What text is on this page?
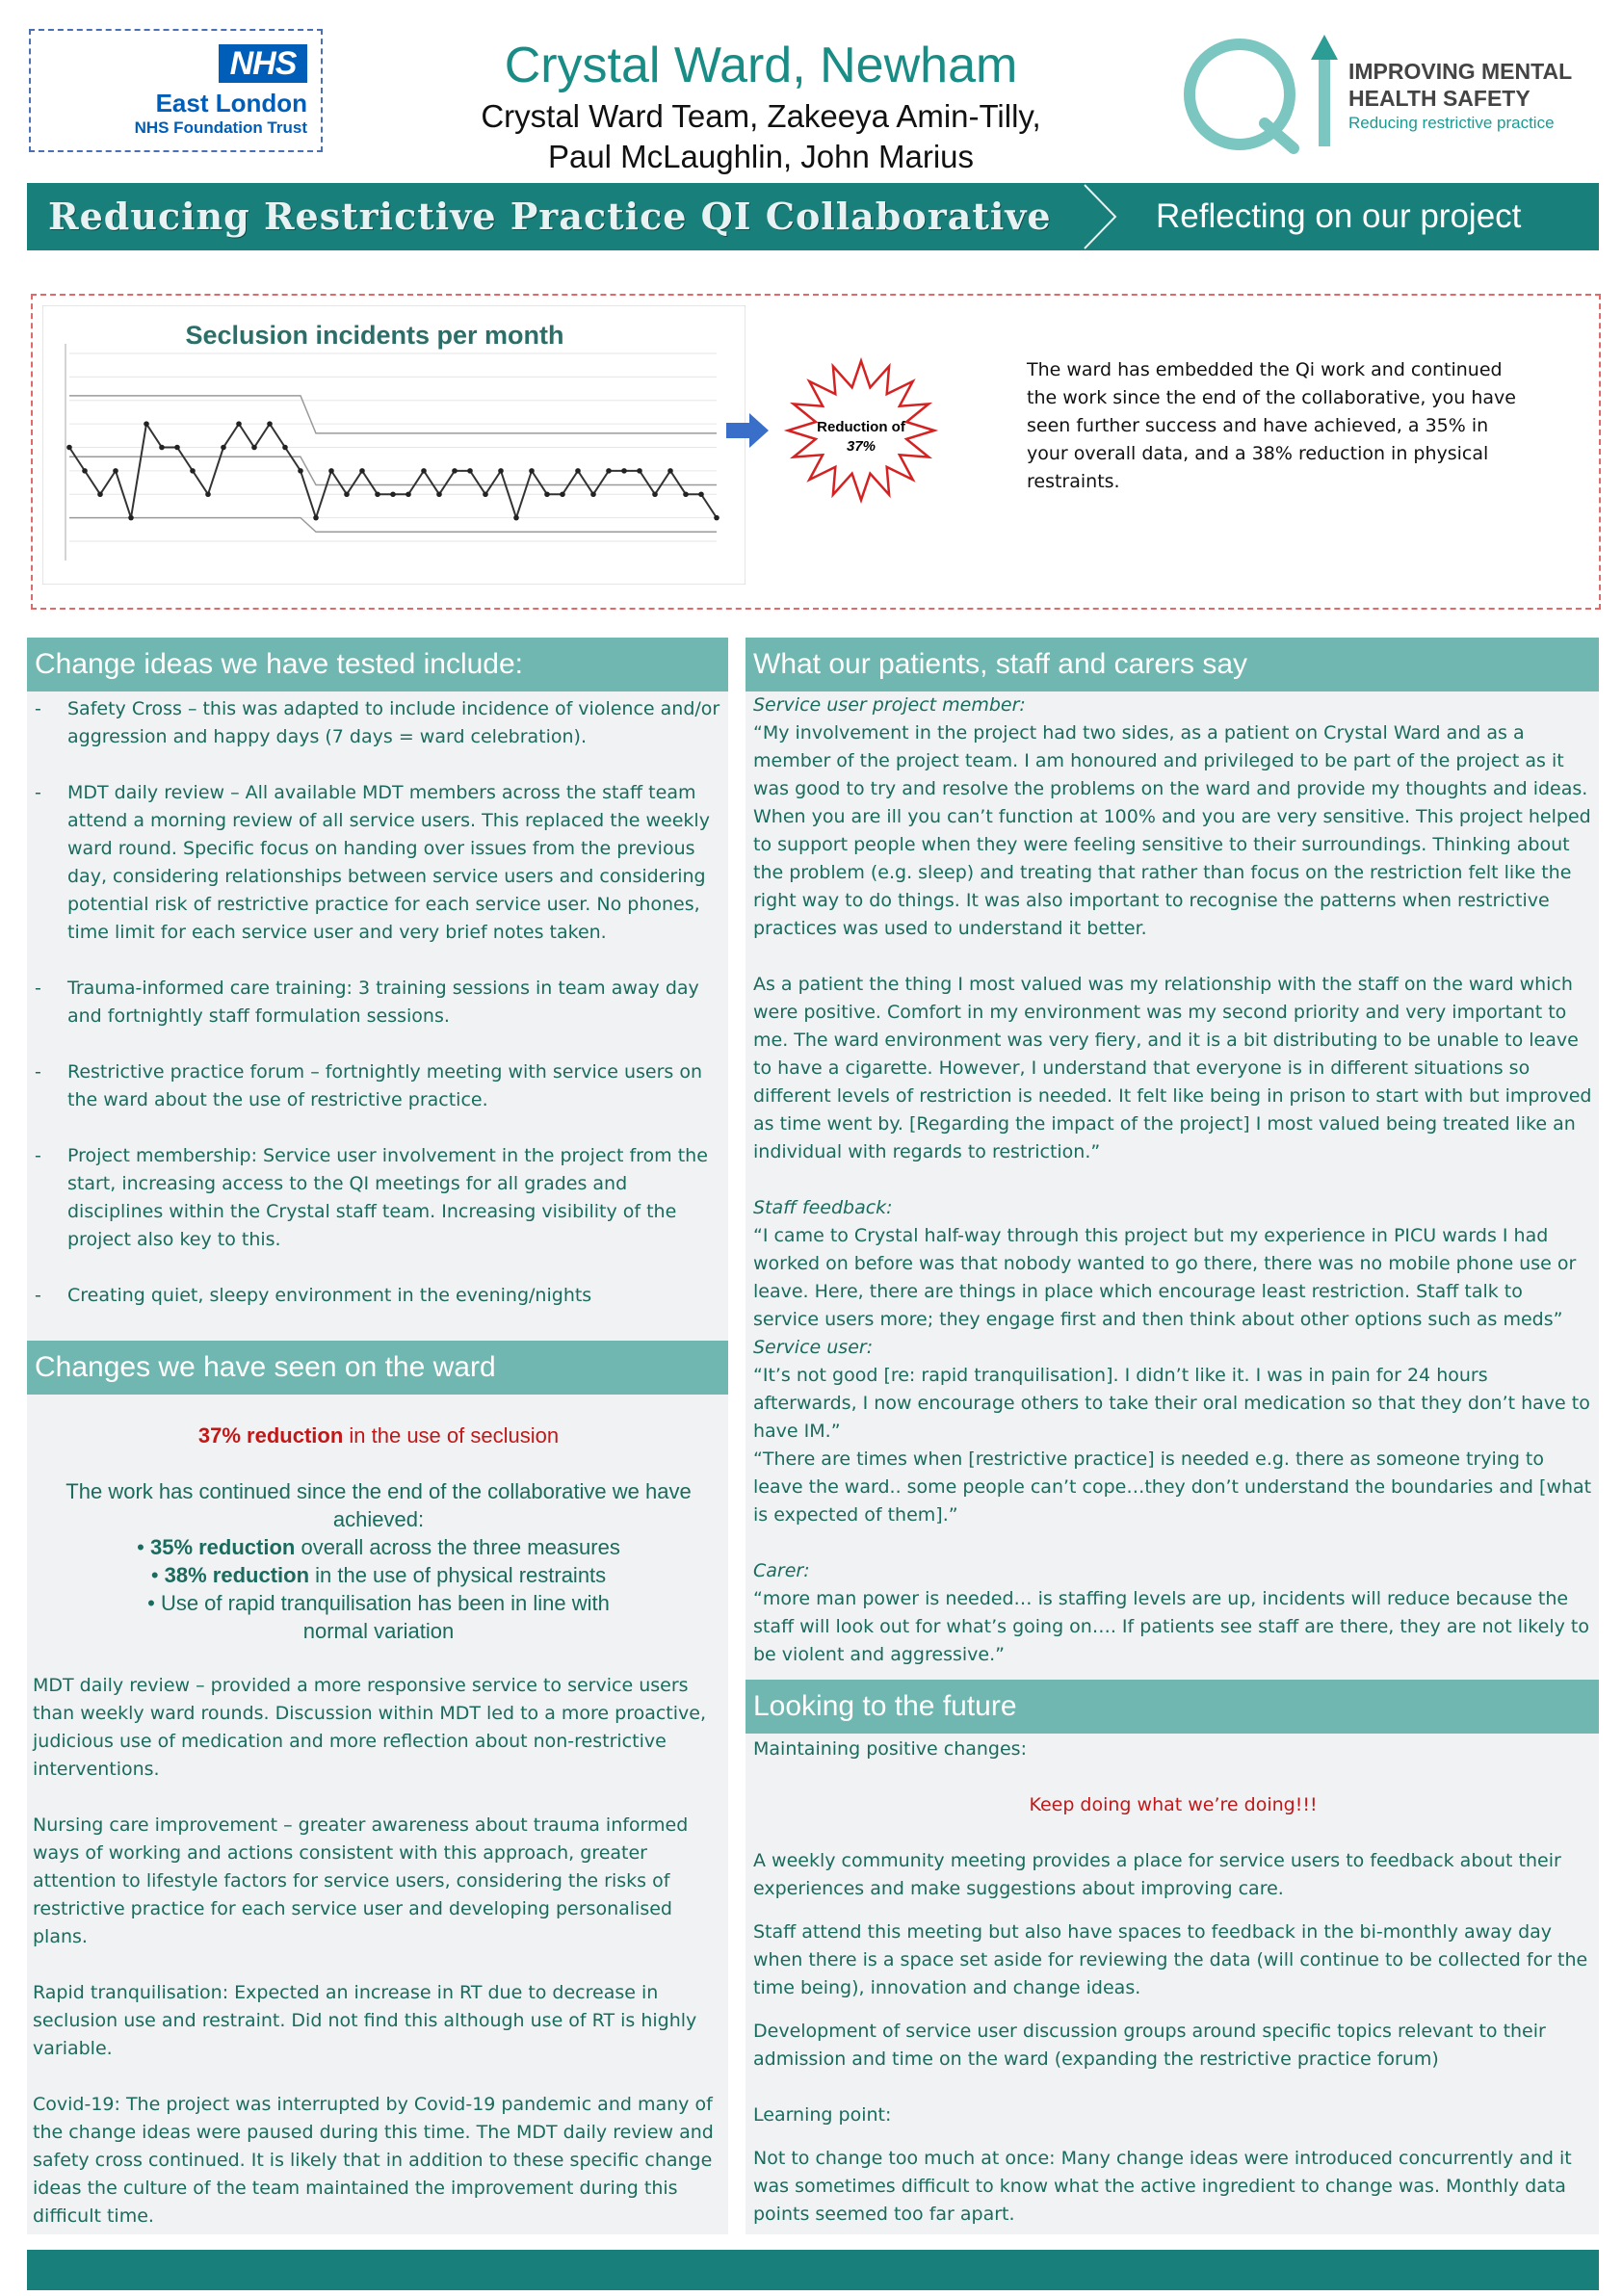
NHS
East London
NHS Foundation Trust
Crystal Ward, Newham
Crystal Ward Team, Zakeeya Amin-Tilly,
Paul McLaughlin, John Marius
IMPROVING MENTAL
HEALTH SAFETY
Reducing restrictive practice
Reducing Restrictive Practice QI Collaborative	Reflecting on our project
Seclusion incidents per month
Reduction of
37%
The ward has embedded the Qi work and continued the work since the end of the collaborative, you have seen further success and have achieved, a 35% in your overall data, and a 38% reduction in physical restraints.
Change ideas we have tested include:
- Safety Cross – this was adapted to include incidence of violence and/or aggression and happy days (7 days = ward celebration).
- MDT daily review – All available MDT members across the staff team attend a morning review of all service users. This replaced the weekly ward round. Specific focus on handing over issues from the previous day, considering relationships between service users and considering potential risk of restrictive practice for each service user. No phones, time limit for each service user and very brief notes taken.
- Trauma-informed care training: 3 training sessions in team away day and fortnightly staff formulation sessions.
- Restrictive practice forum – fortnightly meeting with service users on the ward about the use of restrictive practice.
- Project membership: Service user involvement in the project from the start, increasing access to the QI meetings for all grades and disciplines within the Crystal staff team. Increasing visibility of the project also key to this.
- Creating quiet, sleepy environment in the evening/nights
Changes we have seen on the ward
37% reduction in the use of seclusion
The work has continued since the end of the collaborative we have achieved:
• 35% reduction overall across the three measures
• 38% reduction in the use of physical restraints
• Use of rapid tranquilisation has been in line with normal variation

MDT daily review – provided a more responsive service to service users than weekly ward rounds. Discussion within MDT led to a more proactive, judicious use of medication and more reflection about non-restrictive interventions.

Nursing care improvement – greater awareness about trauma informed ways of working and actions consistent with this approach, greater attention to lifestyle factors for service users, considering the risks of restrictive practice for each service user and developing personalised plans.

Rapid tranquilisation: Expected an increase in RT due to decrease in seclusion use and restraint. Did not find this although use of RT is highly variable.

Covid-19: The project was interrupted by Covid-19 pandemic and many of the change ideas were paused during this time. The MDT daily review and safety cross continued. It is likely that in addition to these specific change ideas the culture of the team maintained the improvement during this difficult time.

What our patients, staff and carers say

Service user project member:

“My involvement in the project had two sides, as a patient on Crystal Ward and as a member of the project team. I am honoured and privileged to be part of the project as it was good to try and resolve the problems on the ward and provide my thoughts and ideas. When you are ill you can’t function at 100% and you are very sensitive. This project helped to support people when they were feeling sensitive to their surroundings. Thinking about the problem (e.g. sleep) and treating that rather than focus on the restriction felt like the right way to do things. It was also important to recognise the patterns when restrictive practices was used to understand it better.

As a patient the thing I most valued was my relationship with the staff on the ward which were positive. Comfort in my environment was my second priority and very important to me. The ward environment was very fiery, and it is a bit distributing to be unable to leave to have a cigarette. However, I understand that everyone is in different situations so different levels of restriction is needed. It felt like being in prison to start with but improved as time went by. [Regarding the impact of the project] I most valued being treated like an individual with regards to restriction.”

Staff feedback:

“I came to Crystal half-way through this project but my experience in PICU wards I had worked on before was that nobody wanted to go there, there was no mobile phone use or leave. Here, there are things in place which encourage least restriction. Staff talk to service users more; they engage first and then think about other options such as meds”

Service user:

“It’s not good [re: rapid tranquilisation]. I didn’t like it. I was in pain for 24 hours afterwards, I now encourage others to take their oral medication so that they don’t have to have IM.”

“There are times when [restrictive practice] is needed e.g. there as someone trying to leave the ward.. some people can’t cope…they don’t understand the boundaries and [what is expected of them].”

Carer:

“more man power is needed… is staffing levels are up, incidents will reduce because the staff will look out for what’s going on…. If patients see staff are there, they are not likely to be violent and aggressive.”

Looking to the future

Maintaining positive changes:

Keep doing what we’re doing!!!

A weekly community meeting provides a place for service users to feedback about their experiences and make suggestions about improving care.

Staff attend this meeting but also have spaces to feedback in the bi-monthly away day when there is a space set aside for reviewing the data (will continue to be collected for the time being), innovation and change ideas.

Development of service user discussion groups around specific topics relevant to their admission and time on the ward (expanding the restrictive practice forum)

Learning point:

Not to change too much at once: Many change ideas were introduced concurrently and it was sometimes difficult to know what the active ingredient to change was. Monthly data points seemed too far apart.
